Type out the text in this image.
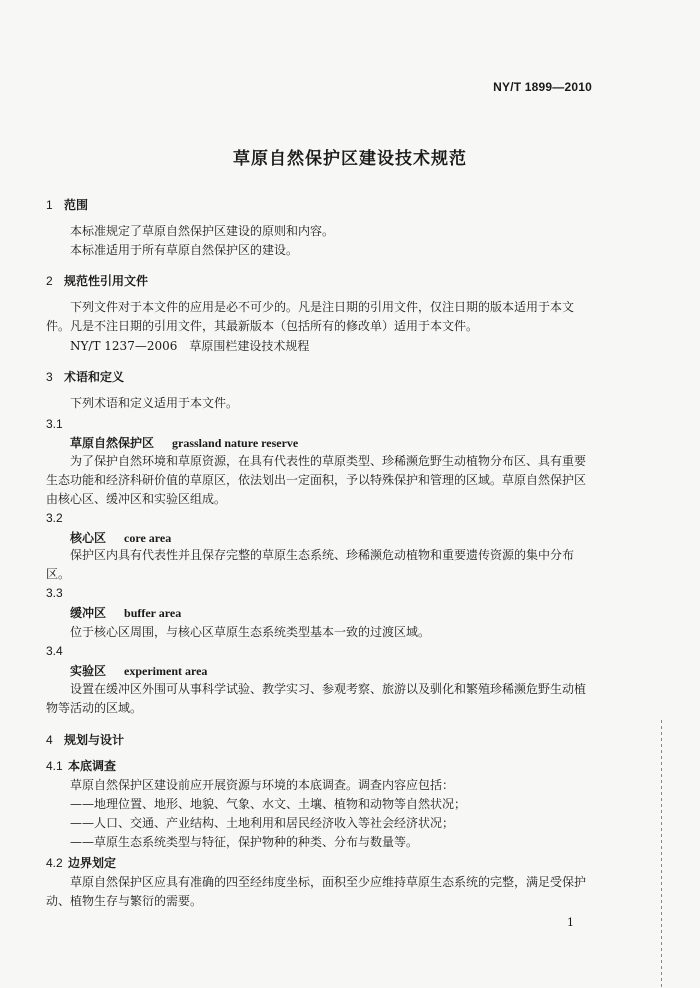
NY/T 1899—2010
草原自然保护区建设技术规范
1 范围
本标准规定了草原自然保护区建设的原则和内容。
本标准适用于所有草原自然保护区的建设。
2 规范性引用文件
下列文件对于本文件的应用是必不可少的。凡是注日期的引用文件，仅注日期的版本适用于本文件。凡是不注日期的引用文件，其最新版本（包括所有的修改单）适用于本文件。
NY/T 1237—2006　草原围栏建设技术规程
3 术语和定义
下列术语和定义适用于本文件。
3.1
草原自然保护区 grassland nature reserve
为了保护自然环境和草原资源，在具有代表性的草原类型、珍稀濒危野生动植物分布区、具有重要生态功能和经济科研价值的草原区，依法划出一定面积，予以特殊保护和管理的区域。草原自然保护区由核心区、缓冲区和实验区组成。
3.2
核心区 core area
保护区内具有代表性并且保存完整的草原生态系统、珍稀濒危动植物和重要遗传资源的集中分布区。
3.3
缓冲区 buffer area
位于核心区周围，与核心区草原生态系统类型基本一致的过渡区域。
3.4
实验区 experiment area
设置在缓冲区外围可从事科学试验、教学实习、参观考察、旅游以及驯化和繁殖珍稀濒危野生动植物等活动的区域。
4 规划与设计
4.1 本底调查
草原自然保护区建设前应开展资源与环境的本底调查。调查内容应包括：
——地理位置、地形、地貌、气象、水文、土壤、植物和动物等自然状况；
——人口、交通、产业结构、土地利用和居民经济收入等社会经济状况；
——草原生态系统类型与特征，保护物种的种类、分布与数量等。
4.2 边界划定
草原自然保护区应具有准确的四至经纬度坐标，面积至少应维持草原生态系统的完整，满足受保护动、植物生存与繁衍的需要。
1
